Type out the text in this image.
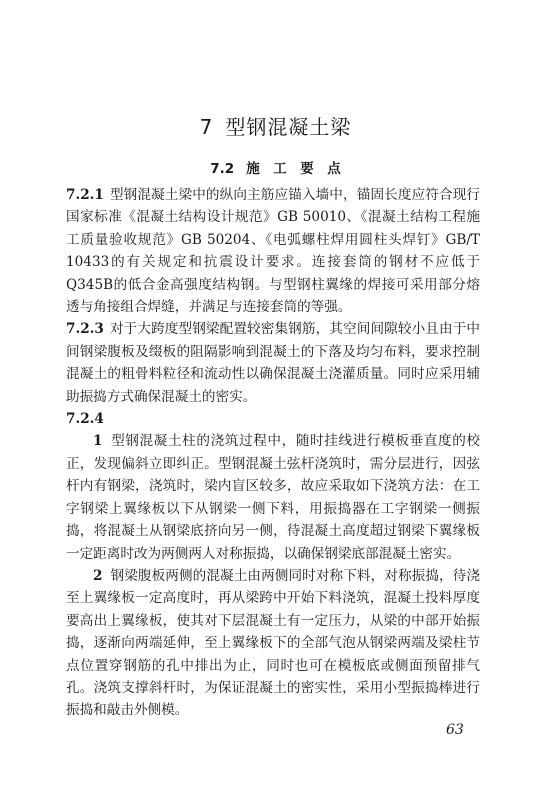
7 型钢混凝土梁
7.2 施　工　要　点

7.2.1 型钢混凝土梁中的纵向主筋应锚入墙中，锚固长度应符合现行国家标准《混凝土结构设计规范》GB 50010、《混凝土结构工程施工质量验收规范》GB 50204、《电弧螺柱焊用圆柱头焊钉》GB/T 10433的有关规定和抗震设计要求。连接套筒的钢材不应低于Q345B的低合金高强度结构钢。与型钢柱翼缘的焊接可采用部分熔透与角接组合焊缝，并满足与连接套筒的等强。

7.2.3 对于大跨度型钢梁配置较密集钢筋，其空间间隙较小且由于中间钢梁腹板及缀板的阻隔影响到混凝土的下落及均匀布料，要求控制混凝土的粗骨料粒径和流动性以确保混凝土浇灌质量。同时应采用辅助振捣方式确保混凝土的密实。

7.2.4

1 型钢混凝土柱的浇筑过程中，随时挂线进行模板垂直度的校正，发现偏斜立即纠正。型钢混凝土弦杆浇筑时，需分层进行，因弦杆内有钢梁，浇筑时，梁内盲区较多，故应采取如下浇筑方法：在工字钢梁上翼缘板以下从钢梁一侧下料，用振捣器在工字钢梁一侧振捣，将混凝土从钢梁底挤向另一侧，待混凝土高度超过钢梁下翼缘板一定距离时改为两侧两人对称振捣，以确保钢梁底部混凝土密实。

2 钢梁腹板两侧的混凝土由两侧同时对称下料，对称振捣，待浇至上翼缘板一定高度时，再从梁跨中开始下料浇筑，混凝土投料厚度要高出上翼缘板，使其对下层混凝土有一定压力，从梁的中部开始振捣，逐渐向两端延伸，至上翼缘板下的全部气泡从钢梁两端及梁柱节点位置穿钢筋的孔中排出为止，同时也可在模板底或侧面预留排气孔。浇筑支撑斜杆时，为保证混凝土的密实性，采用小型振捣棒进行振捣和敲击外侧模。

63
